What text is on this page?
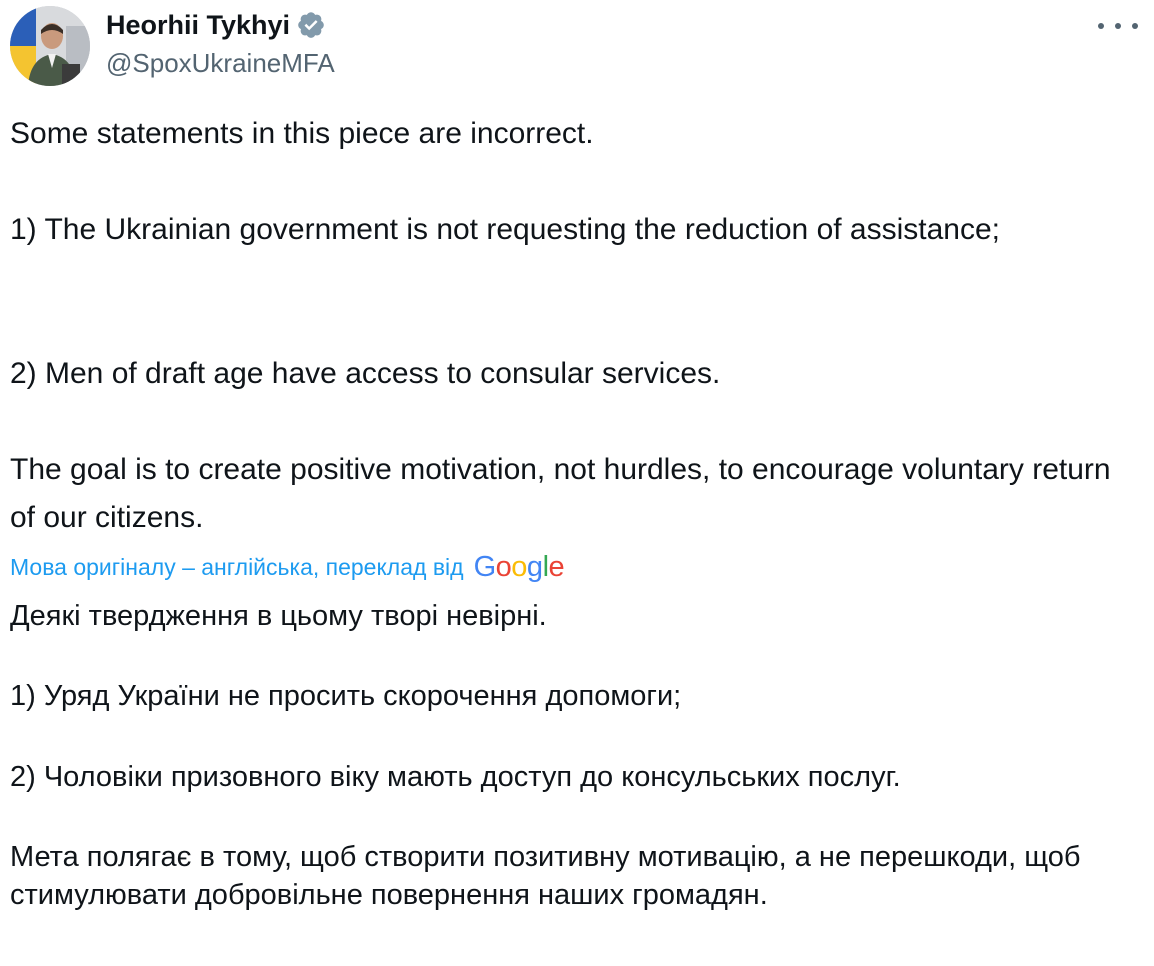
Heorhii Tykhyi
@SpoxUkraineMFA

Some statements in this piece are incorrect.

1) The Ukrainian government is not requesting the reduction of assistance;

2) Men of draft age have access to consular services.

The goal is to create positive motivation, not hurdles, to encourage voluntary return of our citizens.

Мова оригіналу – англійська, переклад від Google

Деякі твердження в цьому творі невірні.

1) Уряд України не просить скорочення допомоги;

2) Чоловіки призовного віку мають доступ до консульських послуг.

Мета полягає в тому, щоб створити позитивну мотивацію, а не перешкоди, щоб стимулювати добровільне повернення наших громадян.
